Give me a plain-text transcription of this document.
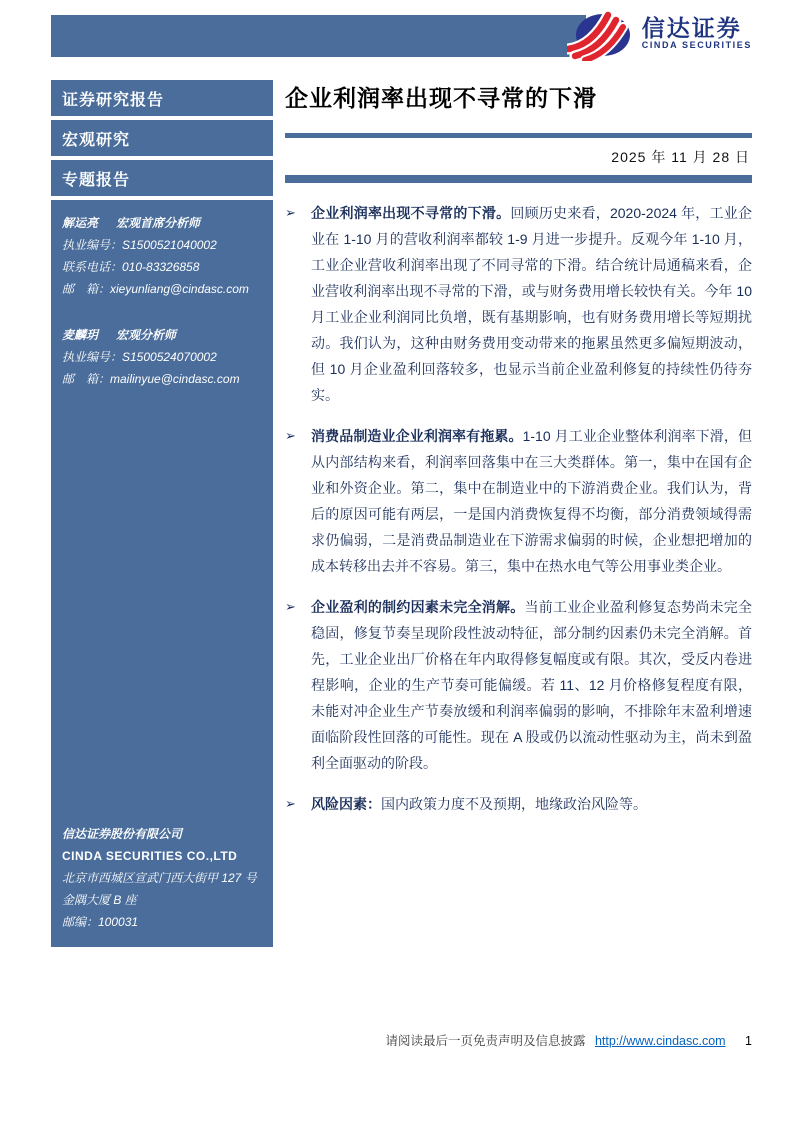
信达证券
CINDA SECURITIES
证券研究报告
宏观研究
专题报告
解运亮 宏观首席分析师
执业编号：S1500521040002
联系电话：010-83326858
邮　箱：xieyunliang@cindasc.com
麦麟玥 宏观分析师
执业编号：S1500524070002
邮　箱：mailinyue@cindasc.com
信达证券股份有限公司
CINDA SECURITIES CO.,LTD
北京市西城区宣武门西大街甲 127 号
金隅大厦 B 座
邮编：100031
企业利润率出现不寻常的下滑
2025 年 11 月 28 日
➢	企业利润率出现不寻常的下滑。回顾历史来看，2020-2024 年，工业企业在 1-10 月的营收利润率都较 1-9 月进一步提升。反观今年 1-10 月，工业企业营收利润率出现了不同寻常的下滑。结合统计局通稿来看，企业营收利润率出现不寻常的下滑，或与财务费用增长较快有关。今年 10 月工业企业利润同比负增，既有基期影响，也有财务费用增长等短期扰动。我们认为，这种由财务费用变动带来的拖累虽然更多偏短期波动，但 10 月企业盈利回落较多，也显示当前企业盈利修复的持续性仍待夯实。
➢	消费品制造业企业利润率有拖累。1-10 月工业企业整体利润率下滑，但从内部结构来看，利润率回落集中在三大类群体。第一，集中在国有企业和外资企业。第二，集中在制造业中的下游消费企业。我们认为，背后的原因可能有两层，一是国内消费恢复得不均衡，部分消费领域得需求仍偏弱，二是消费品制造业在下游需求偏弱的时候，企业想把增加的成本转移出去并不容易。第三，集中在热水电气等公用事业类企业。
➢	企业盈利的制约因素未完全消解。当前工业企业盈利修复态势尚未完全稳固，修复节奏呈现阶段性波动特征，部分制约因素仍未完全消解。首先，工业企业出厂价格在年内取得修复幅度或有限。其次，受反内卷进程影响，企业的生产节奏可能偏缓。若 11、12 月价格修复程度有限，未能对冲企业生产节奏放缓和利润率偏弱的影响，不排除年末盈利增速面临阶段性回落的可能性。现在 A 股或仍以流动性驱动为主，尚未到盈利全面驱动的阶段。
➢	风险因素：国内政策力度不及预期，地缘政治风险等。
请阅读最后一页免责声明及信息披露 http://www.cindasc.com 1
